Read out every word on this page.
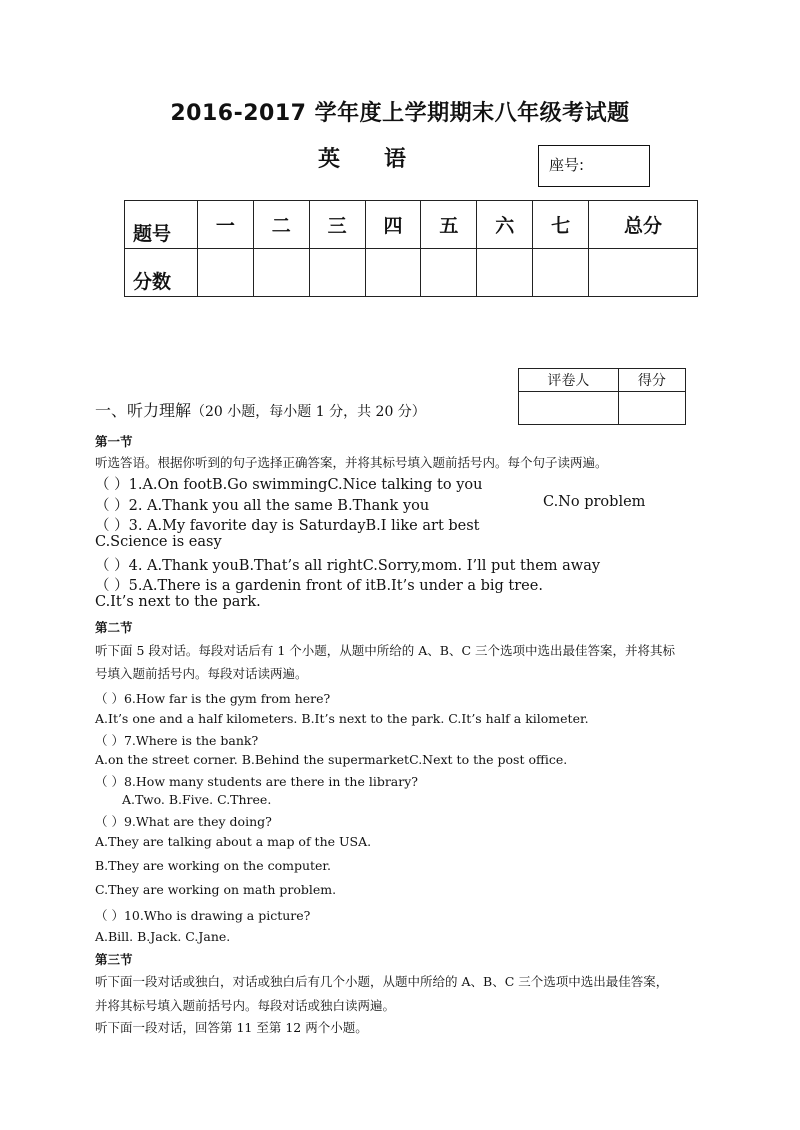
2016-2017 学年度上学期期末八年级考试题
英语	座号:
题号	一	二	三	四	五	六	七	总分
分数								
评卷人	得分

一、听力理解（20 小题，每小题 1 分，共 20 分）
第一节
听选答语。根据你听到的句子选择正确答案，并将其标号填入题前括号内。每个句子读两遍。
（ ）1.A.On footB.Go swimmingC.Nice talking to you
（ ）2. A.Thank you all the same B.Thank you	C.No problem
（ ）3. A.My favorite day is SaturdayB.I like art best
C.Science is easy
（ ）4. A.Thank youB.That’s all rightC.Sorry,mom. I’ll put them away
（ ）5.A.There is a gardenin front of itB.It’s under a big tree.
C.It’s next to the park.
第二节
听下面 5 段对话。每段对话后有 1 个小题，从题中所给的 A、B、C 三个选项中选出最佳答案，并将其标
号填入题前括号内。每段对话读两遍。
（ ）6.How far is the gym from here?
A.It’s one and a half kilometers. B.It’s next to the park. C.It’s half a kilometer.
（ ）7.Where is the bank?
A.on the street corner. B.Behind the supermarketC.Next to the post office.
（ ）8.How many students are there in the library?
A.Two. B.Five. C.Three.
（ ）9.What are they doing?
A.They are talking about a map of the USA.
B.They are working on the computer.
C.They are working on math problem.
（ ）10.Who is drawing a picture?
A.Bill. B.Jack. C.Jane.
第三节
听下面一段对话或独白，对话或独白后有几个小题，从题中所给的 A、B、C 三个选项中选出最佳答案，
并将其标号填入题前括号内。每段对话或独白读两遍。
听下面一段对话，回答第 11 至第 12 两个小题。
